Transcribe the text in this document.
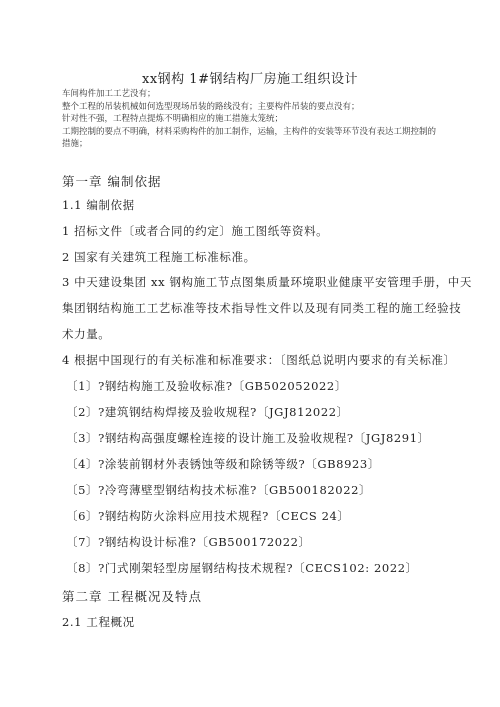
xx钢构 1#钢结构厂房施工组织设计
车间构件加工工艺没有；
整个工程的吊装机械如何选型现场吊装的路线没有；主要构件吊装的要点没有；
针对性不强，工程特点提炼不明确相应的施工措施太笼统；
工期控制的要点不明确，材料采购构件的加工制作，运输，主构件的安装等环节没有表达工期控制的
措施；
第一章 编制依据
1.1 编制依据
1 招标文件〔或者合同的约定〕施工图纸等资料。
2 国家有关建筑工程施工标准标准。
3 中天建设集团 xx 钢构施工节点图集质量环境职业健康平安管理手册，中天
集团钢结构施工工艺标准等技术指导性文件以及现有同类工程的施工经验技
术力量。
4 根据中国现行的有关标准和标准要求：〔图纸总说明内要求的有关标准〕
〔1〕?钢结构施工及验收标准?〔GB502052022〕
〔2〕?建筑钢结构焊接及验收规程?〔JGJ812022〕
〔3〕?钢结构高强度螺栓连接的设计施工及验收规程?〔JGJ8291〕
〔4〕?涂装前钢材外表锈蚀等级和除锈等级?〔GB8923〕
〔5〕?冷弯薄壁型钢结构技术标准?〔GB500182022〕
〔6〕?钢结构防火涂料应用技术规程?〔CECS 24〕
〔7〕?钢结构设计标准?〔GB500172022〕
〔8〕?门式刚架轻型房屋钢结构技术规程?〔CECS102: 2022〕
第二章 工程概况及特点
2.1 工程概况
